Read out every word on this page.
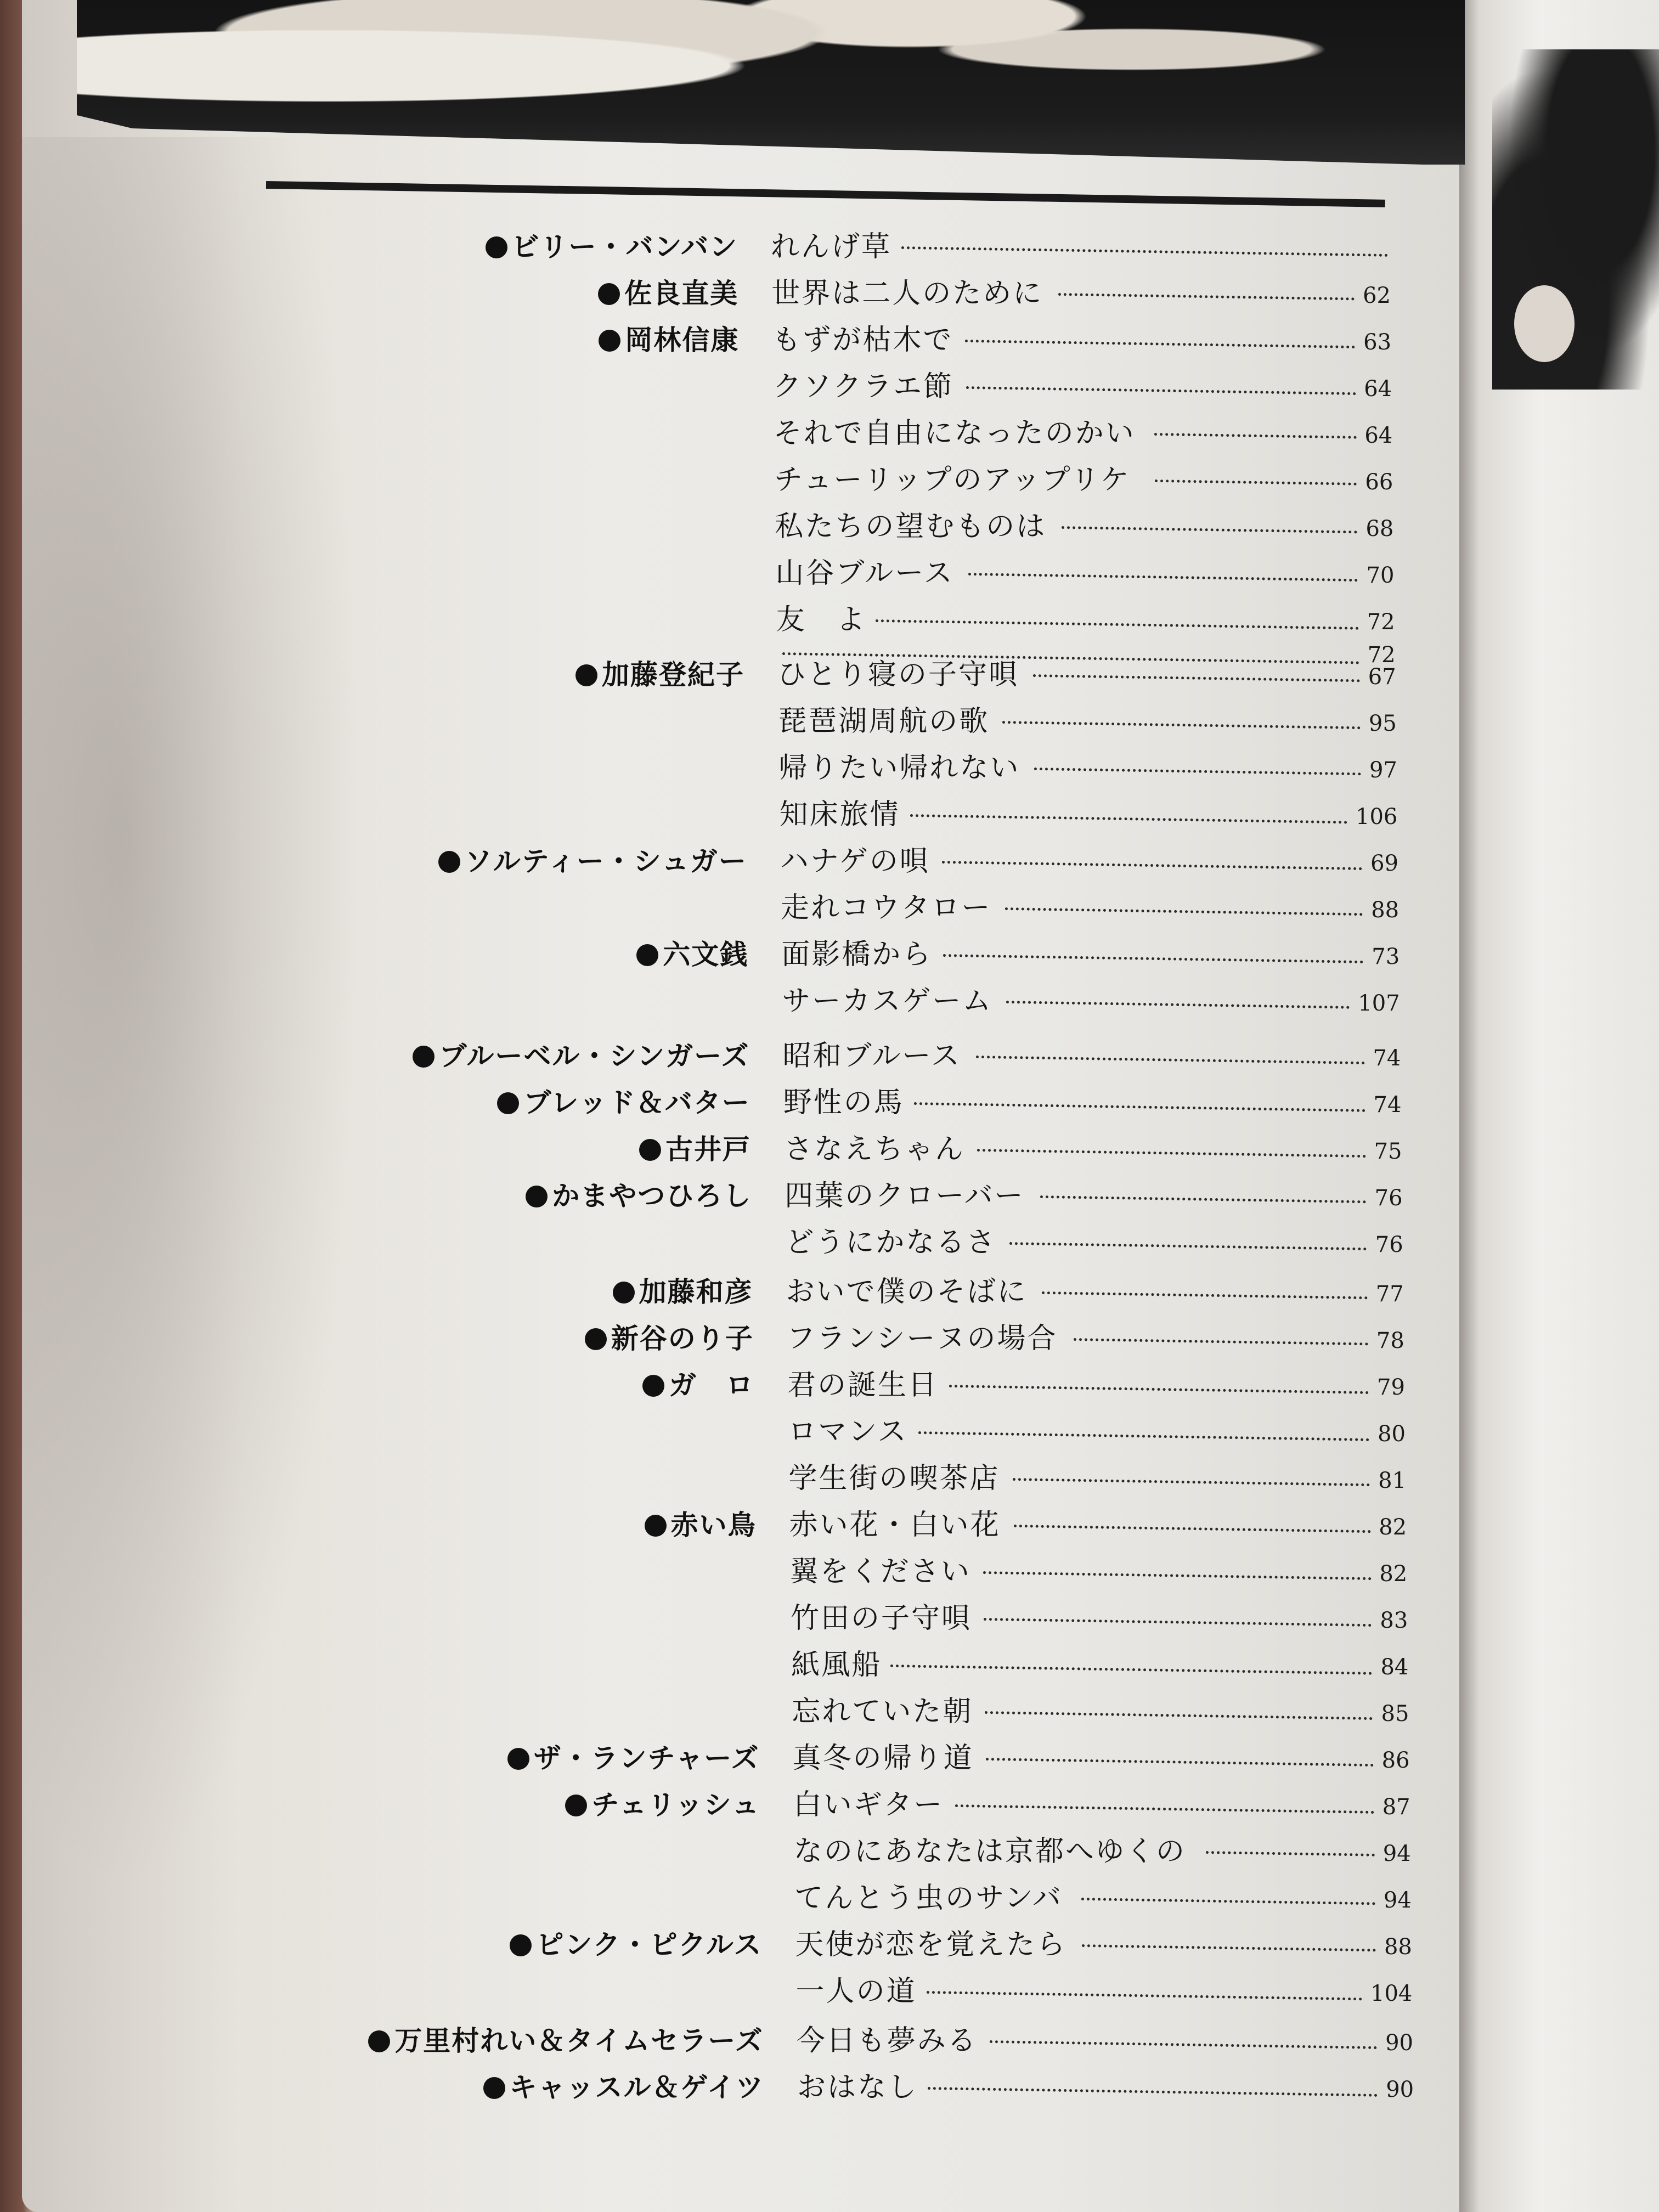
ビリー・バンバン れんげ草
佐良直美 世界は二人のために	62
岡林信康 もずが枯木で	63
クソクラエ節	64
それで自由になったのかい	64
チューリップのアップリケ	66
私たちの望むものは	68
山谷ブルース	70
友　よ	72
72
加藤登紀子 ひとり寝の子守唄	67
琵琶湖周航の歌	95
帰りたい帰れない	97
知床旅情	106
ソルティー・シュガー ハナゲの唄	69
走れコウタロー	88
六文銭 面影橋から	73
サーカスゲーム	107
ブルーベル・シンガーズ 昭和ブルース	74
ブレッド＆バター 野性の馬	74
古井戸 さなえちゃん	75
かまやつひろし 四葉のクローバー	76
どうにかなるさ	76
加藤和彦 おいで僕のそばに	77
新谷のり子 フランシーヌの場合	78
ガ　ロ 君の誕生日	79
ロマンス	80
学生街の喫茶店	81
赤い鳥 赤い花・白い花	82
翼をください	82
竹田の子守唄	83
紙風船	84
忘れていた朝	85
ザ・ランチャーズ 真冬の帰り道	86
チェリッシュ 白いギター	87
なのにあなたは京都へゆくの	94
てんとう虫のサンバ	94
ピンク・ピクルス 天使が恋を覚えたら	88
一人の道	104
万里村れい＆タイムセラーズ 今日も夢みる	90
キャッスル＆ゲイツ おはなし	90
